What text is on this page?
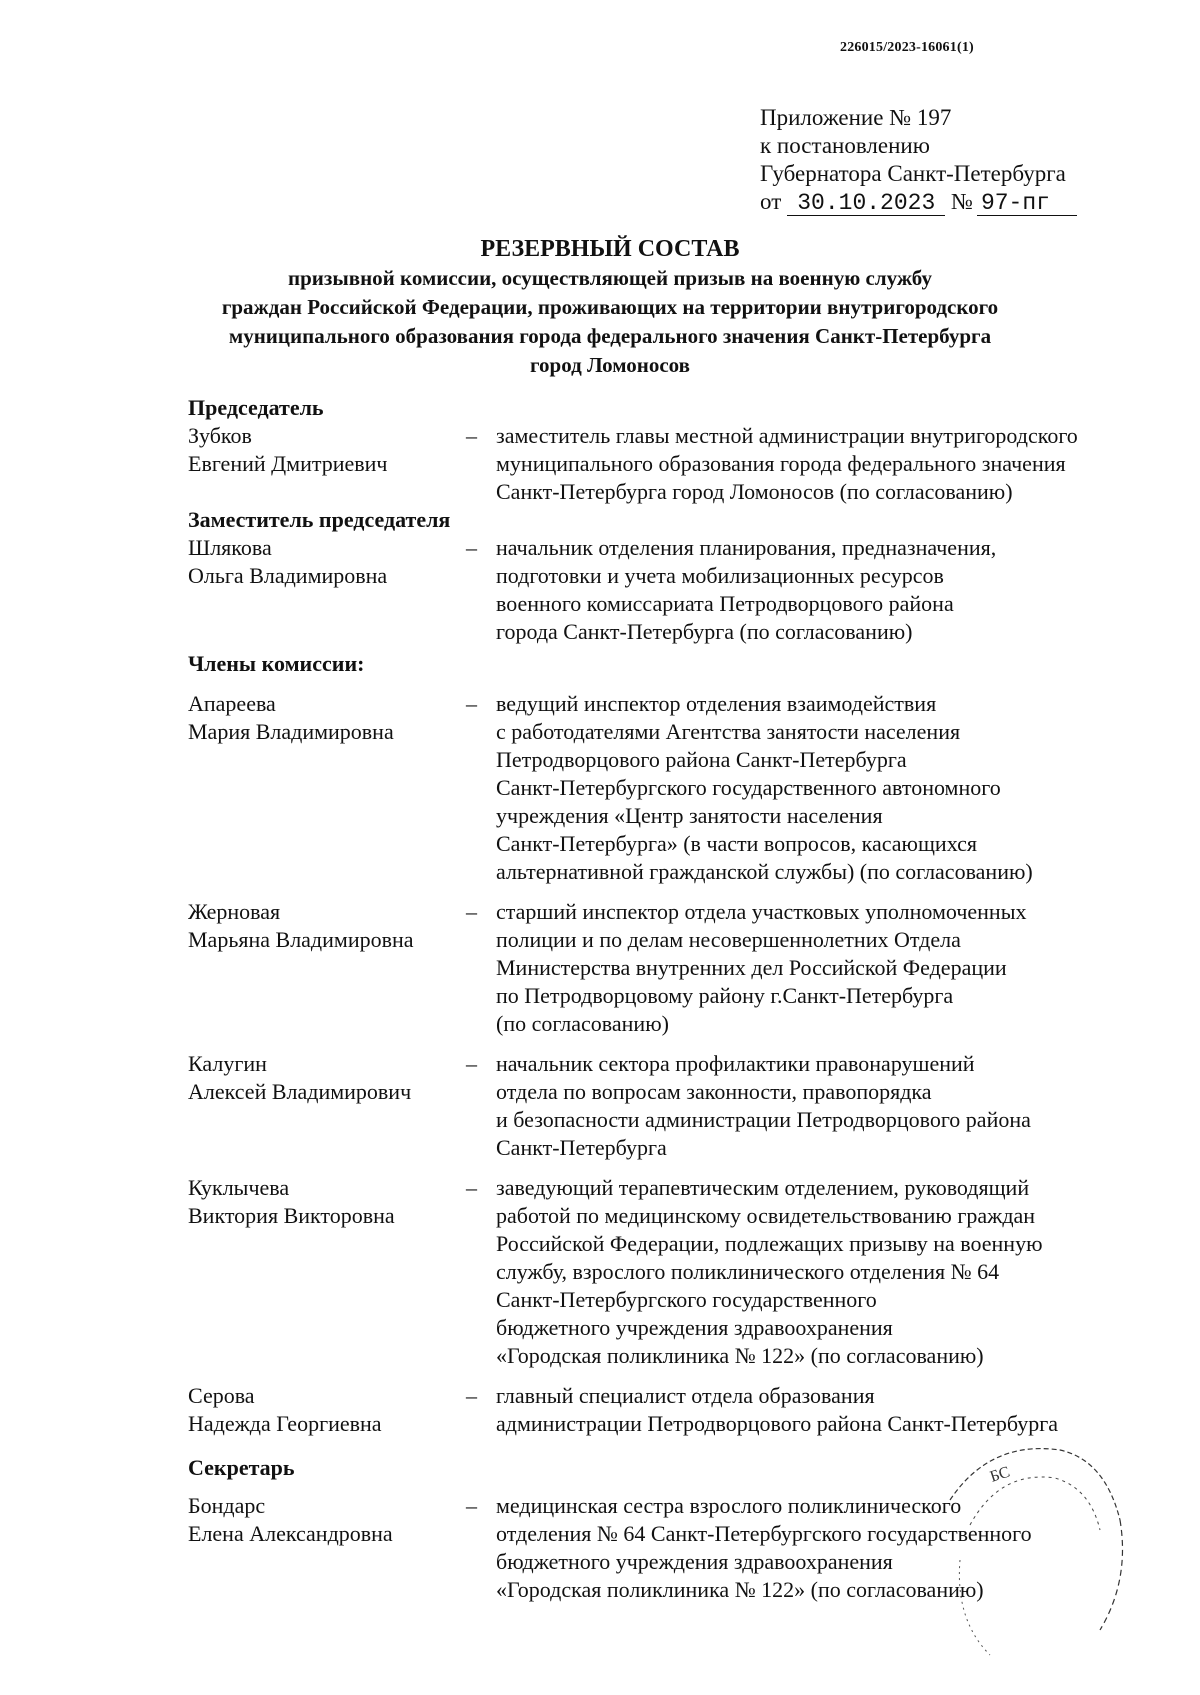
226015/2023-16061(1)
Приложение № 197
к постановлению
Губернатора Санкт-Петербурга
от 30.10.2023 № 97-пг
РЕЗЕРВНЫЙ СОСТАВ
призывной комиссии, осуществляющей призыв на военную службу
граждан Российской Федерации, проживающих на территории внутригородского
муниципального образования города федерального значения Санкт-Петербурга
город Ломоносов
Председатель
Зубков
Евгений Дмитриевич
– заместитель главы местной администрации внутригородского
муниципального образования города федерального значения
Санкт-Петербурга город Ломоносов (по согласованию)
Заместитель председателя
Шлякова
Ольга Владимировна
– начальник отделения планирования, предназначения,
подготовки и учета мобилизационных ресурсов
военного комиссариата Петродворцового района
города Санкт-Петербурга (по согласованию)
Члены комиссии:
Апареева
Мария Владимировна
– ведущий инспектор отделения взаимодействия
с работодателями Агентства занятости населения
Петродворцового района Санкт-Петербурга
Санкт-Петербургского государственного автономного
учреждения «Центр занятости населения
Санкт-Петербурга» (в части вопросов, касающихся
альтернативной гражданской службы) (по согласованию)
Жерновая
Марьяна Владимировна
– старший инспектор отдела участковых уполномоченных
полиции и по делам несовершеннолетних Отдела
Министерства внутренних дел Российской Федерации
по Петродворцовому району г.Санкт-Петербурга
(по согласованию)
Калугин
Алексей Владимирович
– начальник сектора профилактики правонарушений
отдела по вопросам законности, правопорядка
и безопасности администрации Петродворцового района
Санкт-Петербурга
Куклычева
Виктория Викторовна
– заведующий терапевтическим отделением, руководящий
работой по медицинскому освидетельствованию граждан
Российской Федерации, подлежащих призыву на военную
службу, взрослого поликлинического отделения № 64
Санкт-Петербургского государственного
бюджетного учреждения здравоохранения
«Городская поликлиника № 122» (по согласованию)
Серова
Надежда Георгиевна
– главный специалист отдела образования
администрации Петродворцового района Санкт-Петербурга
Секретарь
Бондарс
Елена Александровна
– медицинская сестра взрослого поликлинического
отделения № 64 Санкт-Петербургского государственного
бюджетного учреждения здравоохранения
«Городская поликлиника № 122» (по согласованию)
БС
